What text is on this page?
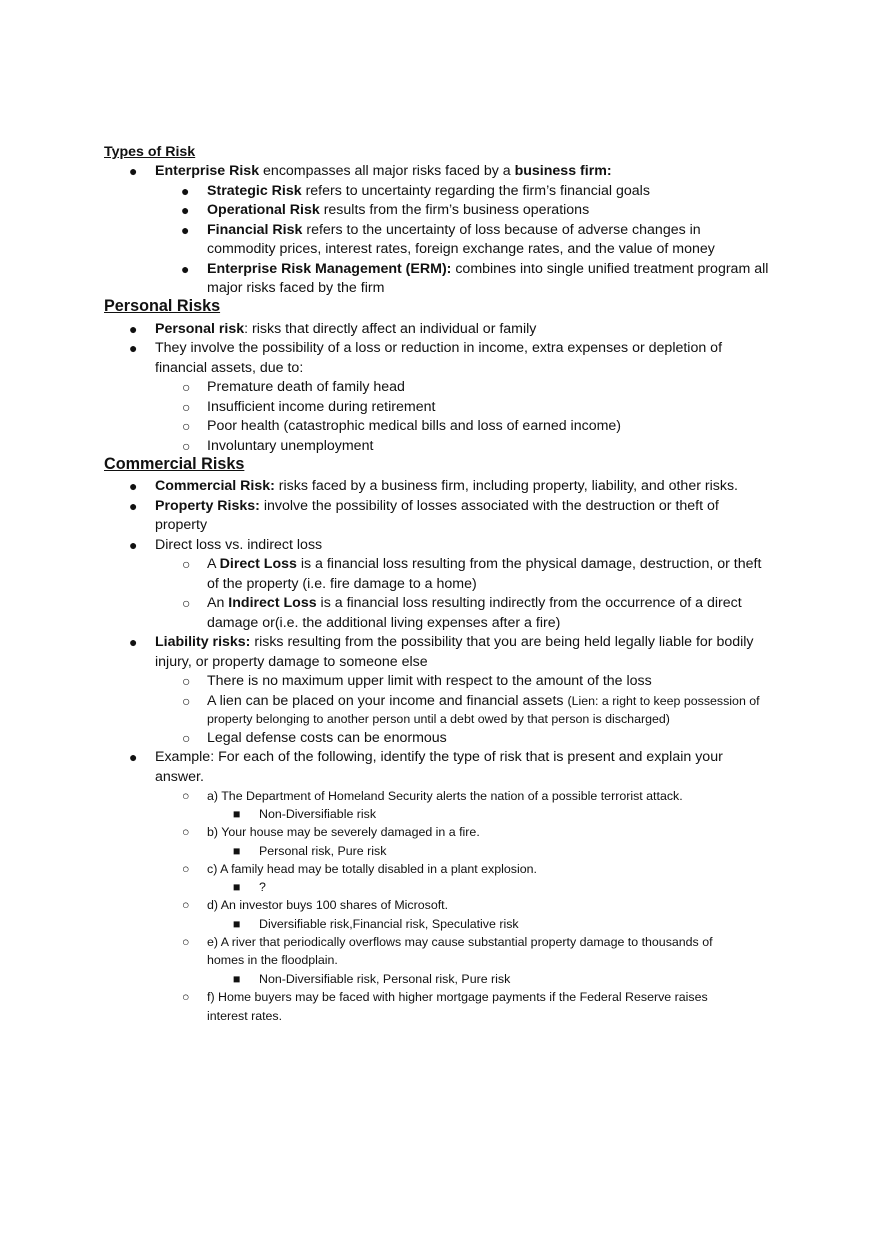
Types of Risk
● Enterprise Risk encompasses all major risks faced by a business firm:
● Strategic Risk refers to uncertainty regarding the firm’s financial goals
● Operational Risk results from the firm’s business operations
● Financial Risk refers to the uncertainty of loss because of adverse changes in
commodity prices, interest rates, foreign exchange rates, and the value of money
● Enterprise Risk Management (ERM): combines into single unified treatment program all
major risks faced by the firm
Personal Risks
● Personal risk: risks that directly affect an individual or family
● They involve the possibility of a loss or reduction in income, extra expenses or depletion of
financial assets, due to:
○ Premature death of family head
○ Insufficient income during retirement
○ Poor health (catastrophic medical bills and loss of earned income)
○ Involuntary unemployment
Commercial Risks
● Commercial Risk: risks faced by a business firm, including property, liability, and other risks.
● Property Risks: involve the possibility of losses associated with the destruction or theft of
property
● Direct loss vs. indirect loss
○ A Direct Loss is a financial loss resulting from the physical damage, destruction, or theft
of the property (i.e. fire damage to a home)
○ An Indirect Loss is a financial loss resulting indirectly from the occurrence of a direct
damage or(i.e. the additional living expenses after a fire)
● Liability risks: risks resulting from the possibility that you are being held legally liable for bodily
injury, or property damage to someone else
○ There is no maximum upper limit with respect to the amount of the loss
○ A lien can be placed on your income and financial assets (Lien: a right to keep possession of
property belonging to another person until a debt owed by that person is discharged)
○ Legal defense costs can be enormous
● Example: For each of the following, identify the type of risk that is present and explain your
answer.
○ a) The Department of Homeland Security alerts the nation of a possible terrorist attack.
■ Non-Diversifiable risk
○ b) Your house may be severely damaged in a fire.
■ Personal risk, Pure risk
○ c) A family head may be totally disabled in a plant explosion.
■ ?
○ d) An investor buys 100 shares of Microsoft.
■ Diversifiable risk,Financial risk, Speculative risk
○ e) A river that periodically overflows may cause substantial property damage to thousands of
homes in the floodplain.
■ Non-Diversifiable risk, Personal risk, Pure risk
○ f) Home buyers may be faced with higher mortgage payments if the Federal Reserve raises
interest rates.
